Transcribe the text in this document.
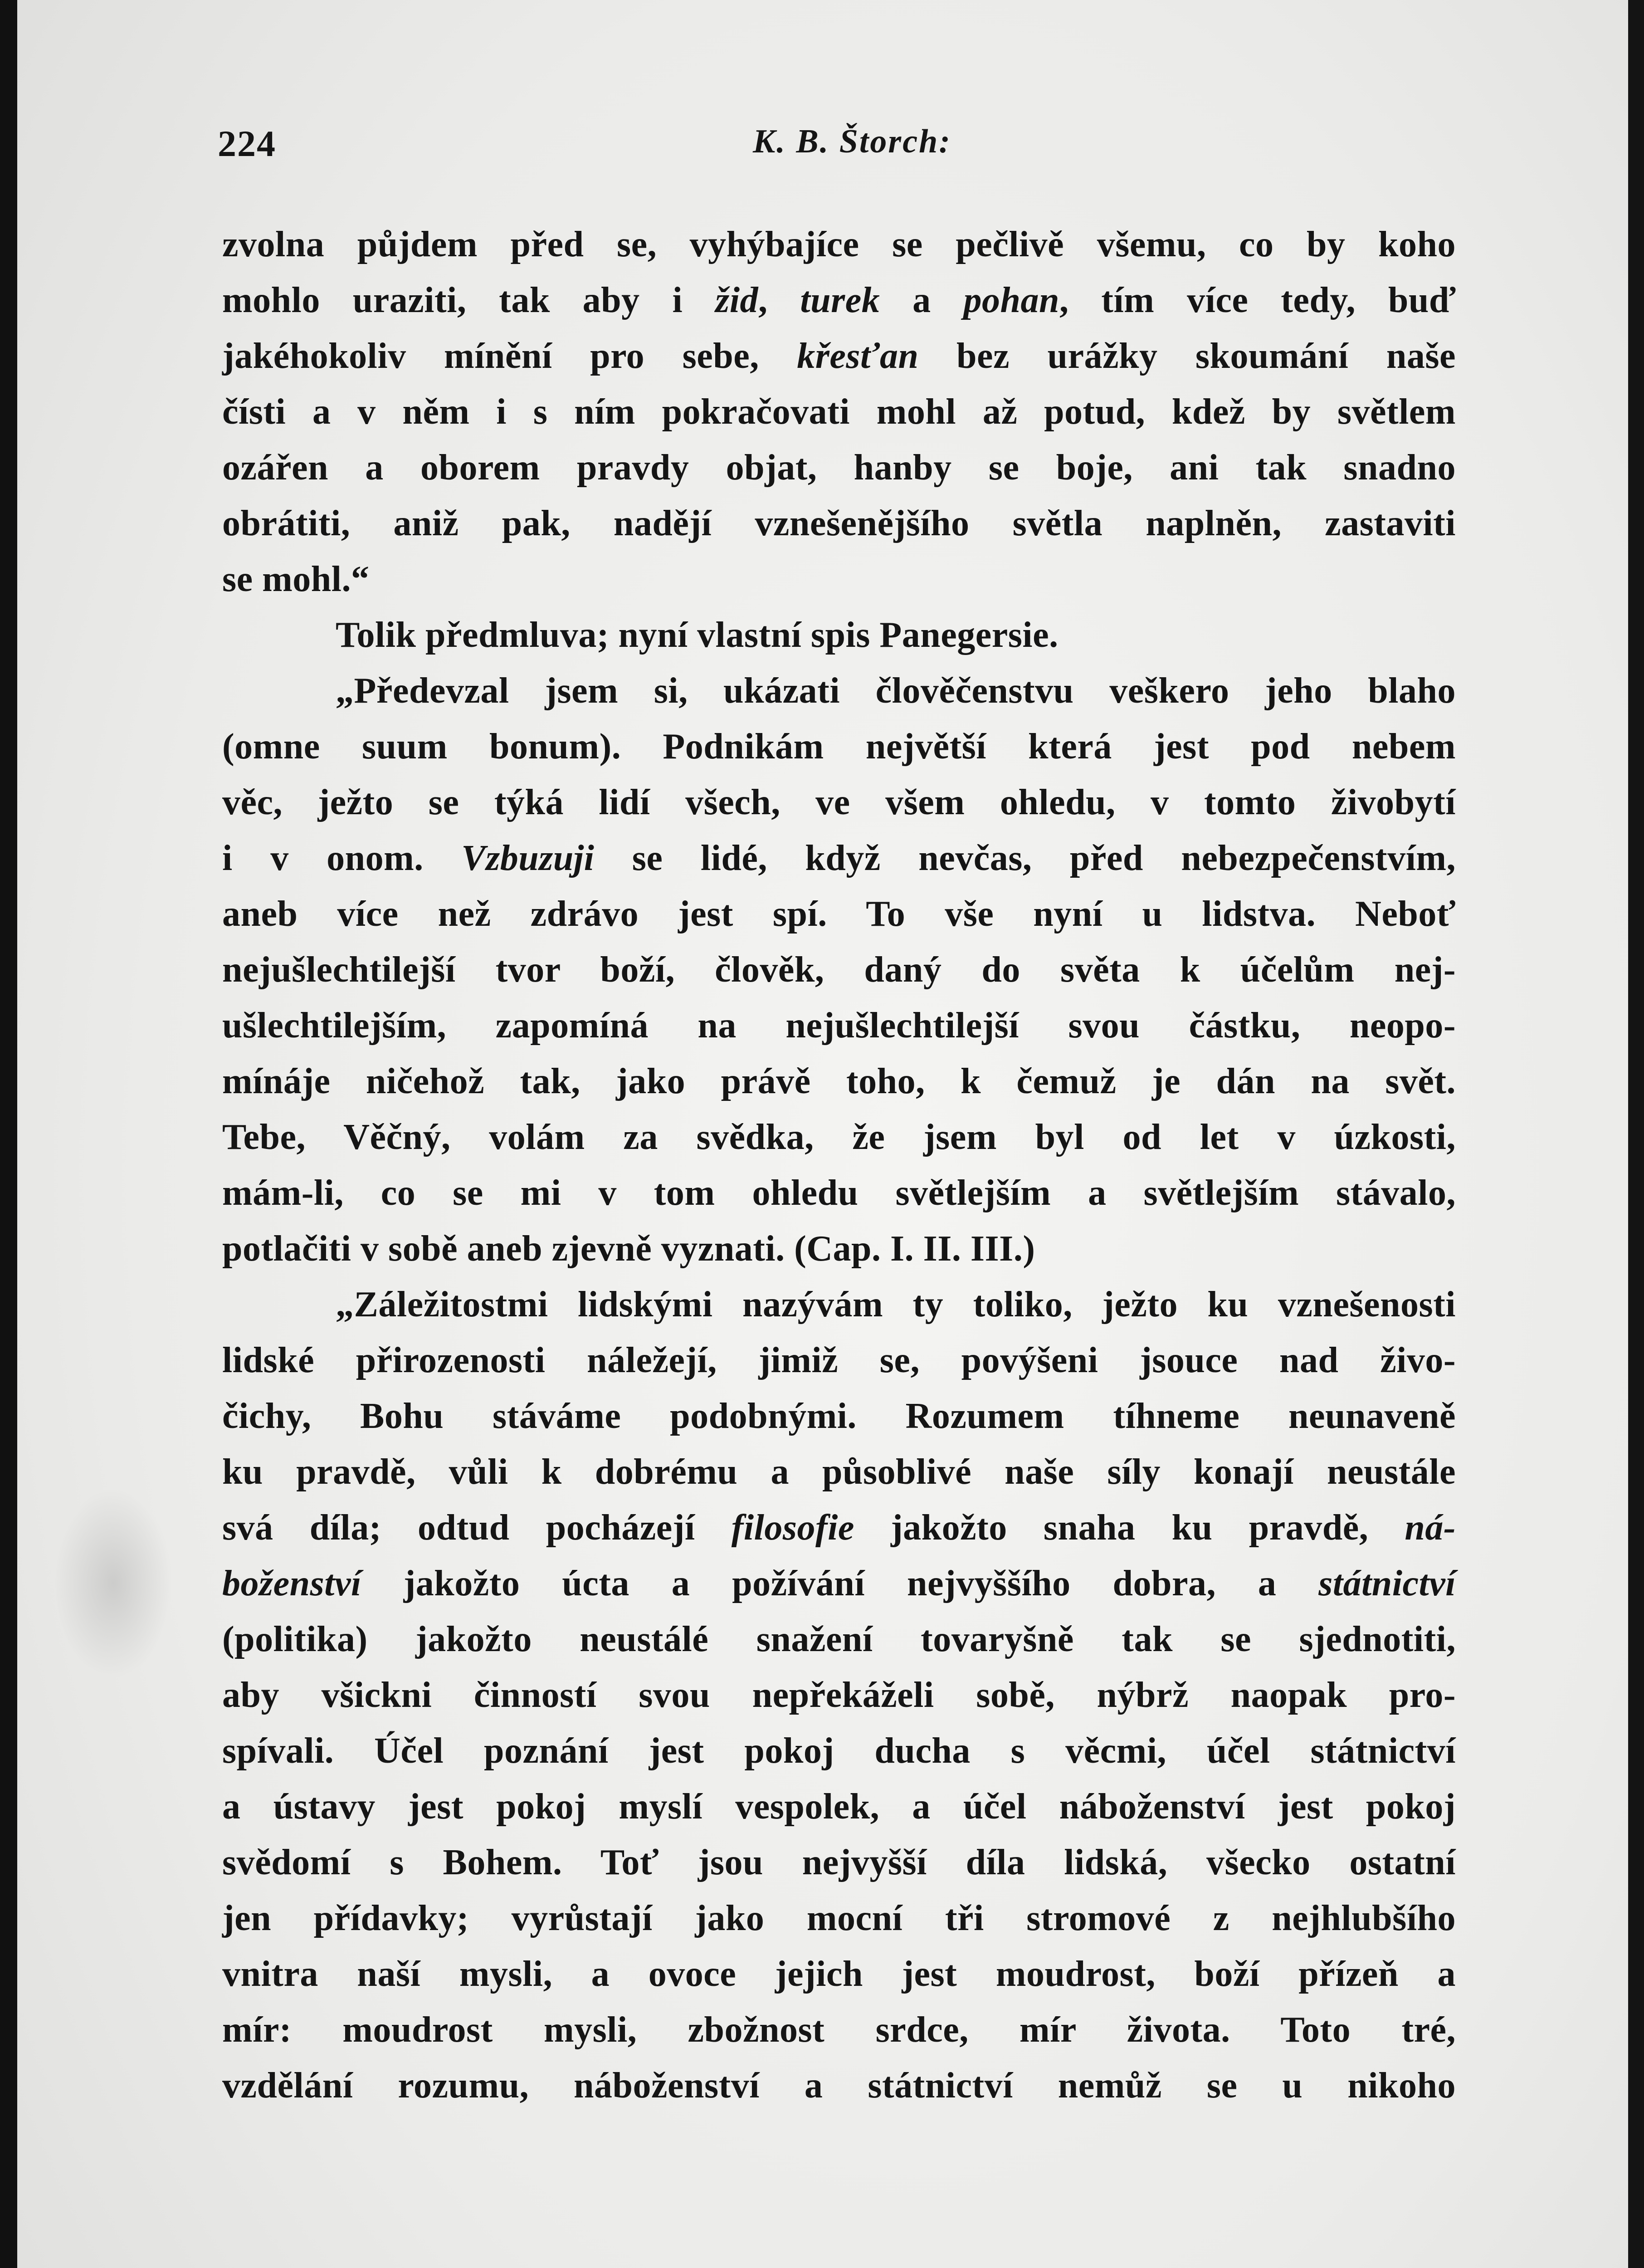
224	K. B. Štorch:
zvolna půjdem před se, vyhýbajíce se pečlivě všemu, co by koho
mohlo uraziti, tak aby i žid, turek a pohan, tím více tedy, buď
jakéhokoliv mínění pro sebe, křesťan bez urážky skoumání naše
čísti a v něm i s ním pokračovati mohl až potud, kdež by světlem
ozářen a oborem pravdy objat, hanby se boje, ani tak snadno
obrátiti, aniž pak, nadějí vznešenějšího světla naplněn, zastaviti
se mohl.“
Tolik předmluva; nyní vlastní spis Panegersie.
„Předevzal jsem si, ukázati člověčenstvu veškero jeho blaho
(omne suum bonum). Podnikám největší která jest pod nebem
věc, ježto se týká lidí všech, ve všem ohledu, v tomto živobytí
i v onom. Vzbuzuji se lidé, když nevčas, před nebezpečenstvím,
aneb více než zdrávo jest spí. To vše nyní u lidstva. Neboť
nejušlechtilejší tvor boží, člověk, daný do světa k účelům nej-
ušlechtilejším, zapomíná na nejušlechtilejší svou částku, neopo-
mínáje ničehož tak, jako právě toho, k čemuž je dán na svět.
Tebe, Věčný, volám za svědka, že jsem byl od let v úzkosti,
mám-li, co se mi v tom ohledu světlejším a světlejším stávalo,
potlačiti v sobě aneb zjevně vyznati. (Cap. I. II. III.)
„Záležitostmi lidskými nazývám ty toliko, ježto ku vznešenosti
lidské přirozenosti náležejí, jimiž se, povýšeni jsouce nad živo-
čichy, Bohu stáváme podobnými. Rozumem tíhneme neunaveně
ku pravdě, vůli k dobrému a působlivé naše síly konají neustále
svá díla; odtud pocházejí filosofie jakožto snaha ku pravdě, ná-
boženství jakožto úcta a požívání nejvyššího dobra, a státnictví
(politika) jakožto neustálé snažení tovaryšně tak se sjednotiti,
aby všickni činností svou nepřekáželi sobě, nýbrž naopak pro-
spívali. Účel poznání jest pokoj ducha s věcmi, účel státnictví
a ústavy jest pokoj myslí vespolek, a účel náboženství jest pokoj
svědomí s Bohem. Toť jsou nejvyšší díla lidská, všecko ostatní
jen přídavky; vyrůstají jako mocní tři stromové z nejhlubšího
vnitra naší mysli, a ovoce jejich jest moudrost, boží přízeň a
mír: moudrost mysli, zbožnost srdce, mír života. Toto tré,
vzdělání rozumu, náboženství a státnictví nemůž se u nikoho
